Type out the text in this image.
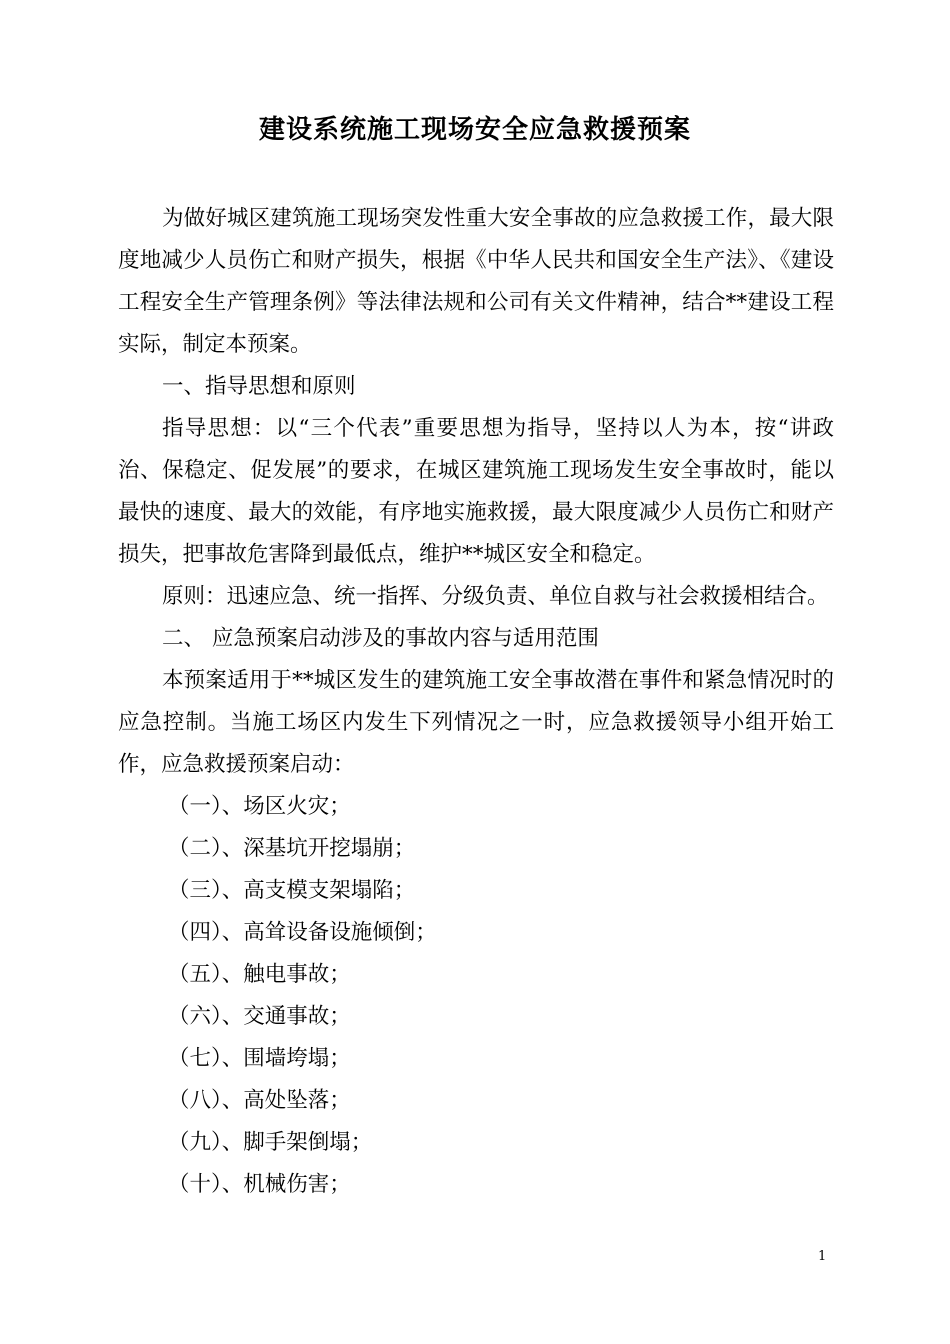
建设系统施工现场安全应急救援预案

为做好城区建筑施工现场突发性重大安全事故的应急救援工作，最大限度地减少人员伤亡和财产损失，根据《中华人民共和国安全生产法》、《建设工程安全生产管理条例》等法律法规和公司有关文件精神，结合**建设工程实际，制定本预案。

一、指导思想和原则

指导思想：以“三个代表”重要思想为指导，坚持以人为本，按“讲政治、保稳定、促发展”的要求，在城区建筑施工现场发生安全事故时，能以最快的速度、最大的效能，有序地实施救援，最大限度减少人员伤亡和财产损失，把事故危害降到最低点，维护**城区安全和稳定。

原则：迅速应急、统一指挥、分级负责、单位自救与社会救援相结合。

二、 应急预案启动涉及的事故内容与适用范围

本预案适用于**城区发生的建筑施工安全事故潜在事件和紧急情况时的应急控制。当施工场区内发生下列情况之一时，应急救援领导小组开始工作，应急救援预案启动：

（一）、场区火灾；

（二）、深基坑开挖塌崩；

（三）、高支模支架塌陷；

（四）、高耸设备设施倾倒；

（五）、触电事故；

（六）、交通事故；

（七）、围墙垮塌；

（八）、高处坠落；

（九）、脚手架倒塌；

（十）、机械伤害；

1
